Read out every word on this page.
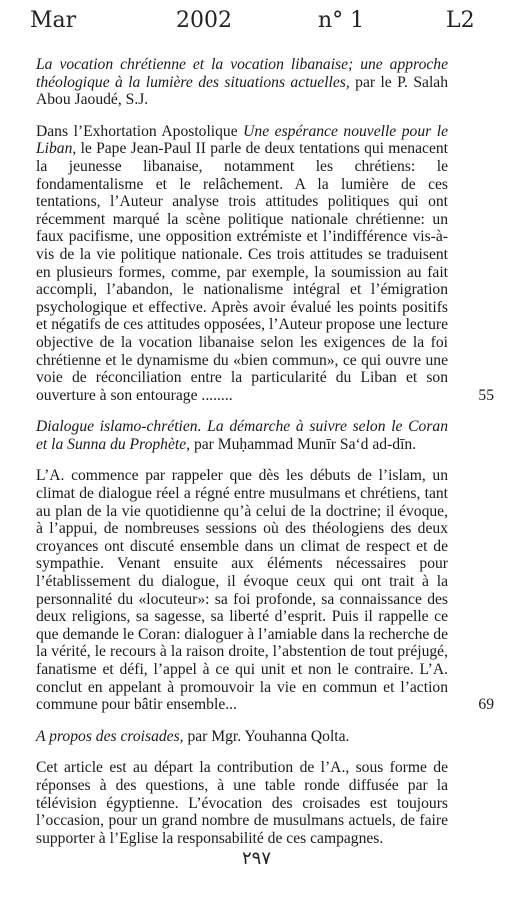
Mar	2002	n° 1	L2

La vocation chrétienne et la vocation libanaise; une approche théologique à la lumière des situations actuelles, par le P. Salah Abou Jaoudé, S.J.

Dans l’Exhortation Apostolique Une espérance nouvelle pour le Liban, le Pape Jean-Paul II parle de deux tentations qui menacent la jeunesse libanaise, notamment les chrétiens: le fondamentalisme et le relâchement. A la lumière de ces tentations, l’Auteur analyse trois attitudes politiques qui ont récemment marqué la scène politique nationale chrétienne: un faux pacifisme, une opposition extrémiste et l’indifférence vis-à-vis de la vie politique nationale. Ces trois attitudes se traduisent en plusieurs formes, comme, par exemple, la soumission au fait accompli, l’abandon, le nationalisme intégral et l’émigration psychologique et effective. Après avoir évalué les points positifs et négatifs de ces attitudes opposées, l’Auteur propose une lecture objective de la vocation libanaise selon les exigences de la foi chrétienne et le dynamisme du «bien commun», ce qui ouvre une voie de réconciliation entre la particularité du Liban et son ouverture à son entourage ........	55

Dialogue islamo-chrétien. La démarche à suivre selon le Coran et la Sunna du Prophète, par Muḥammad Munīr Sa‘d ad-dīn.

L’A. commence par rappeler que dès les débuts de l’islam, un climat de dialogue réel a régné entre musulmans et chrétiens, tant au plan de la vie quotidienne qu’à celui de la doctrine; il évoque, à l’appui, de nombreuses sessions où des théologiens des deux croyances ont discuté ensemble dans un climat de respect et de sympathie. Venant ensuite aux éléments nécessaires pour l’établissement du dialogue, il évoque ceux qui ont trait à la personnalité du «locuteur»: sa foi profonde, sa connaissance des deux religions, sa sagesse, sa liberté d’esprit. Puis il rappelle ce que demande le Coran: dialoguer à l’amiable dans la recherche de la vérité, le recours à la raison droite, l’abstention de tout préjugé, fanatisme et défi, l’appel à ce qui unit et non le contraire. L’A. conclut en appelant à promouvoir la vie en commun et l’action commune pour bâtir ensemble...	69

A propos des croisades, par Mgr. Youhanna Qolta.

Cet article est au départ la contribution de l’A., sous forme de réponses à des questions, à une table ronde diffusée par la télévision égyptienne. L’évocation des croisades est toujours l’occasion, pour un grand nombre de musulmans actuels, de faire supporter à l’Eglise la responsabilité de ces campagnes.

٢٩٧
